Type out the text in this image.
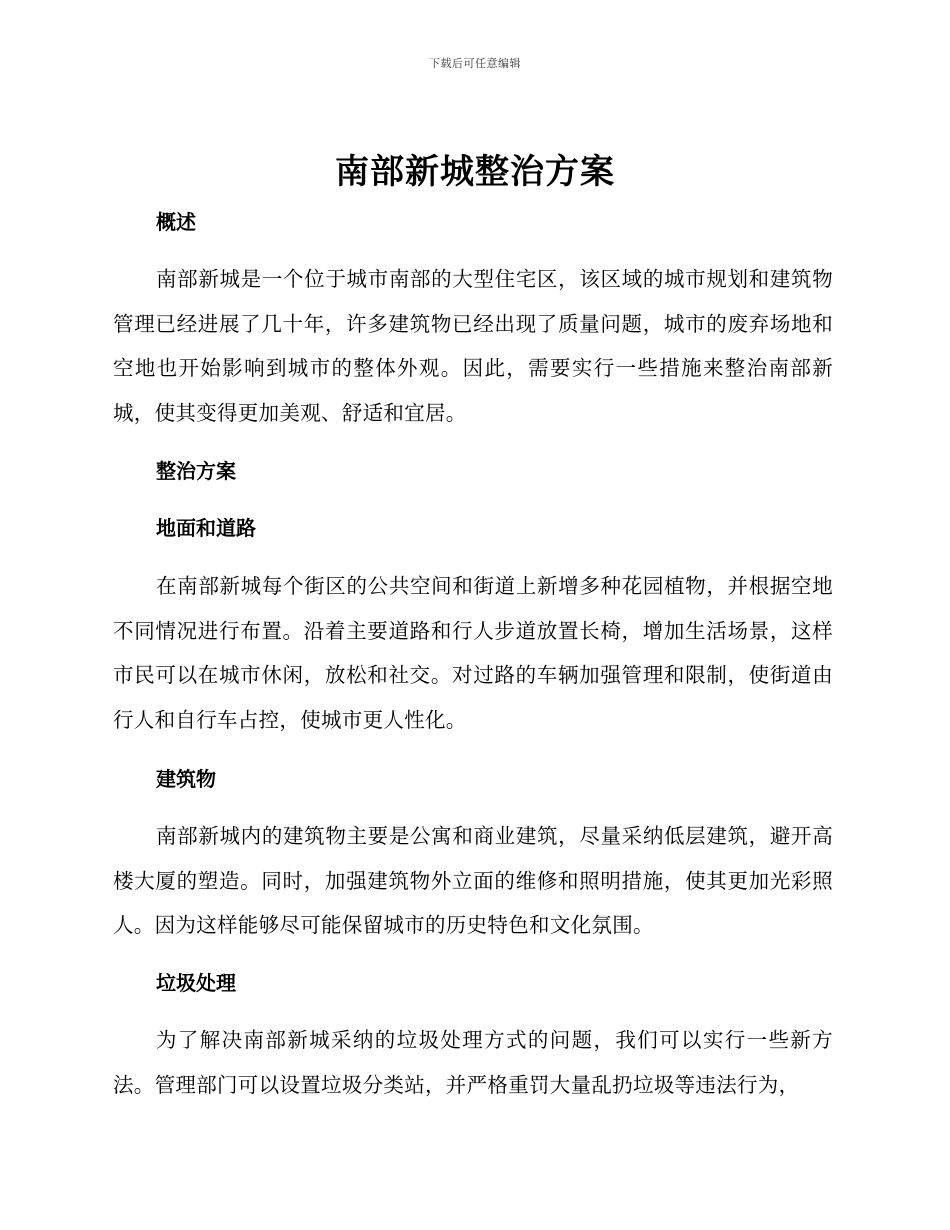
下载后可任意编辑
南部新城整治方案
概述
南部新城是一个位于城市南部的大型住宅区，该区域的城市规划和建筑物管理已经进展了几十年，许多建筑物已经出现了质量问题，城市的废弃场地和空地也开始影响到城市的整体外观。因此，需要实行一些措施来整治南部新城，使其变得更加美观、舒适和宜居。
整治方案
地面和道路
在南部新城每个街区的公共空间和街道上新增多种花园植物，并根据空地不同情况进行布置。沿着主要道路和行人步道放置长椅，增加生活场景，这样市民可以在城市休闲，放松和社交。对过路的车辆加强管理和限制，使街道由行人和自行车占控，使城市更人性化。
建筑物
南部新城内的建筑物主要是公寓和商业建筑，尽量采纳低层建筑，避开高楼大厦的塑造。同时，加强建筑物外立面的维修和照明措施，使其更加光彩照人。因为这样能够尽可能保留城市的历史特色和文化氛围。
垃圾处理
为了解决南部新城采纳的垃圾处理方式的问题，我们可以实行一些新方法。管理部门可以设置垃圾分类站，并严格重罚大量乱扔垃圾等违法行为，
